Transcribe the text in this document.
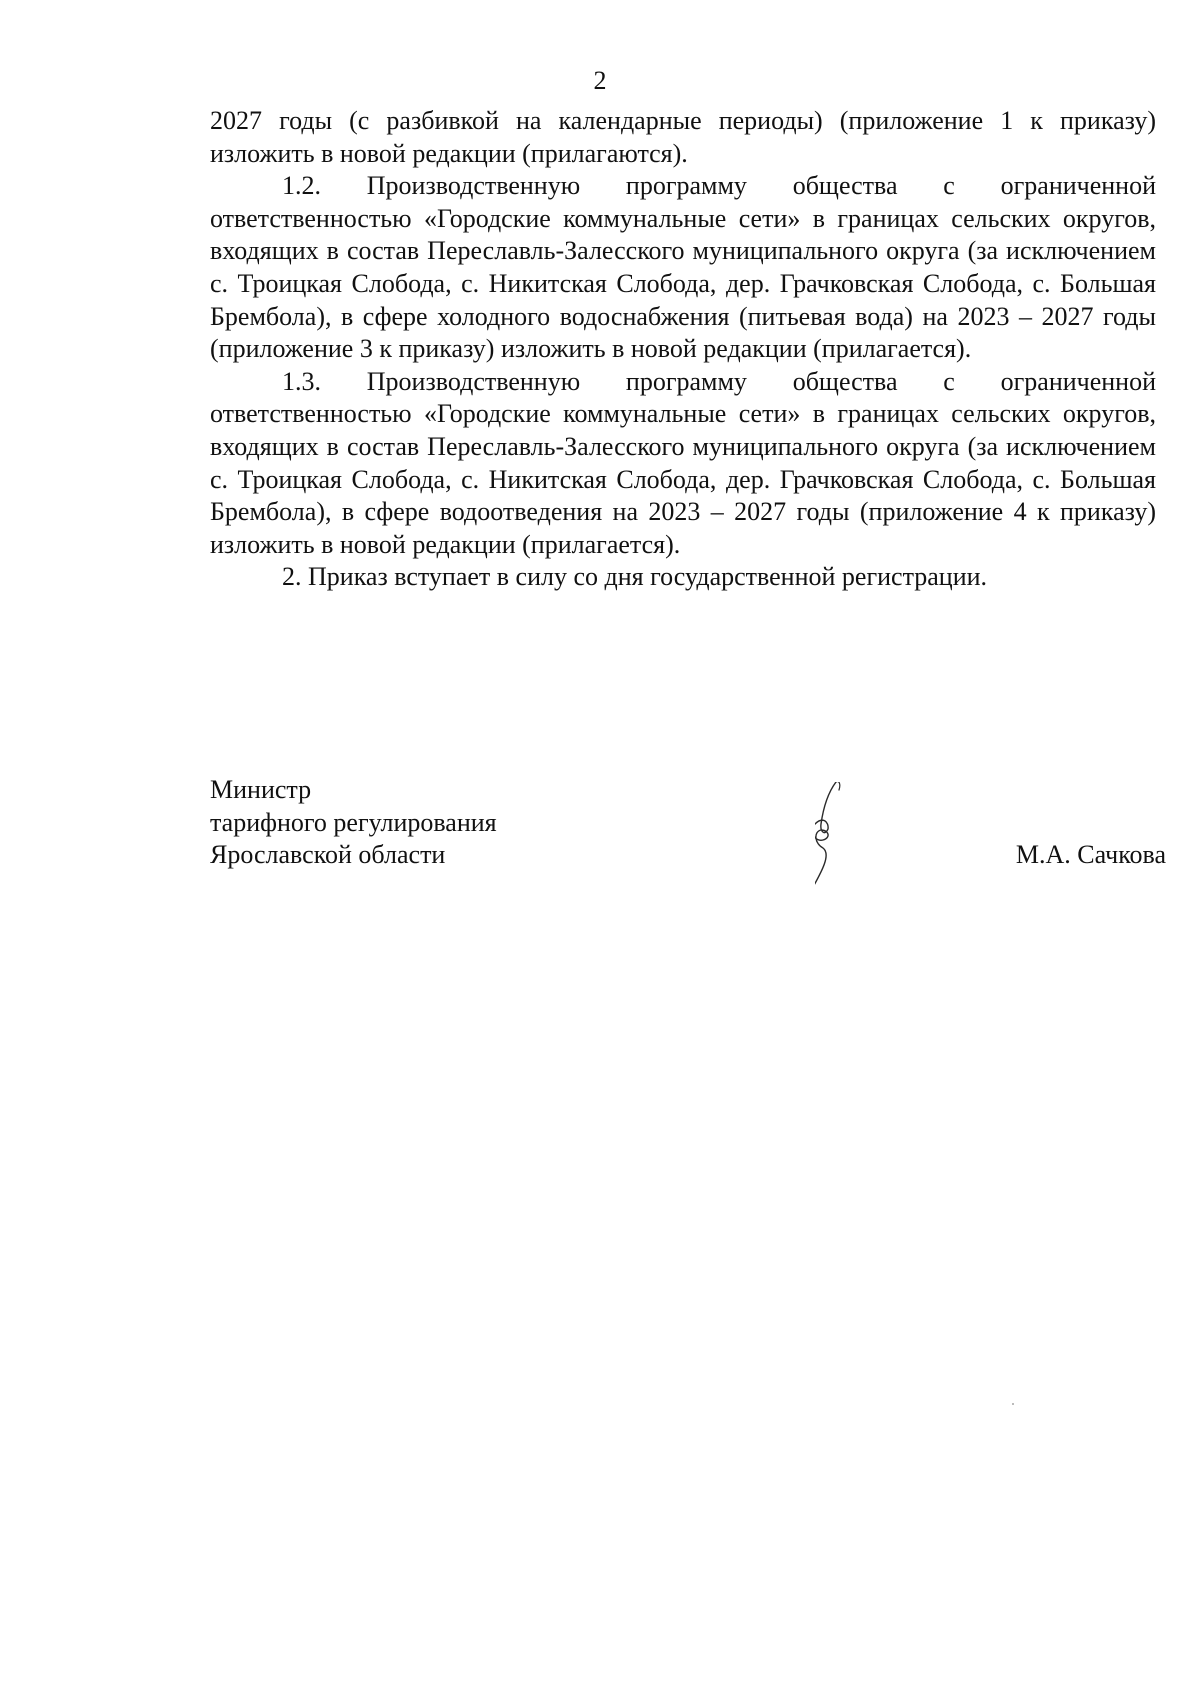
2

2027 годы (с разбивкой на календарные периоды) (приложение 1 к приказу) изложить в новой редакции (прилагаются).

1.2. Производственную программу общества с ограниченной ответственностью «Городские коммунальные сети» в границах сельских округов, входящих в состав Переславль-Залесского муниципального округа (за исключением с. Троицкая Слобода, с. Никитская Слобода, дер. Грачковская Слобода, с. Большая Брембола), в сфере холодного водоснабжения (питьевая вода) на 2023 – 2027 годы (приложение 3 к приказу) изложить в новой редакции (прилагается).

1.3. Производственную программу общества с ограниченной ответственностью «Городские коммунальные сети» в границах сельских округов, входящих в состав Переславль-Залесского муниципального округа (за исключением с. Троицкая Слобода, с. Никитская Слобода, дер. Грачковская Слобода, с. Большая Брембола), в сфере водоотведения на 2023 – 2027 годы (приложение 4 к приказу) изложить в новой редакции (прилагается).

2. Приказ вступает в силу со дня государственной регистрации.

Министр
тарифного регулирования
Ярославской области	М.А. Сачкова
